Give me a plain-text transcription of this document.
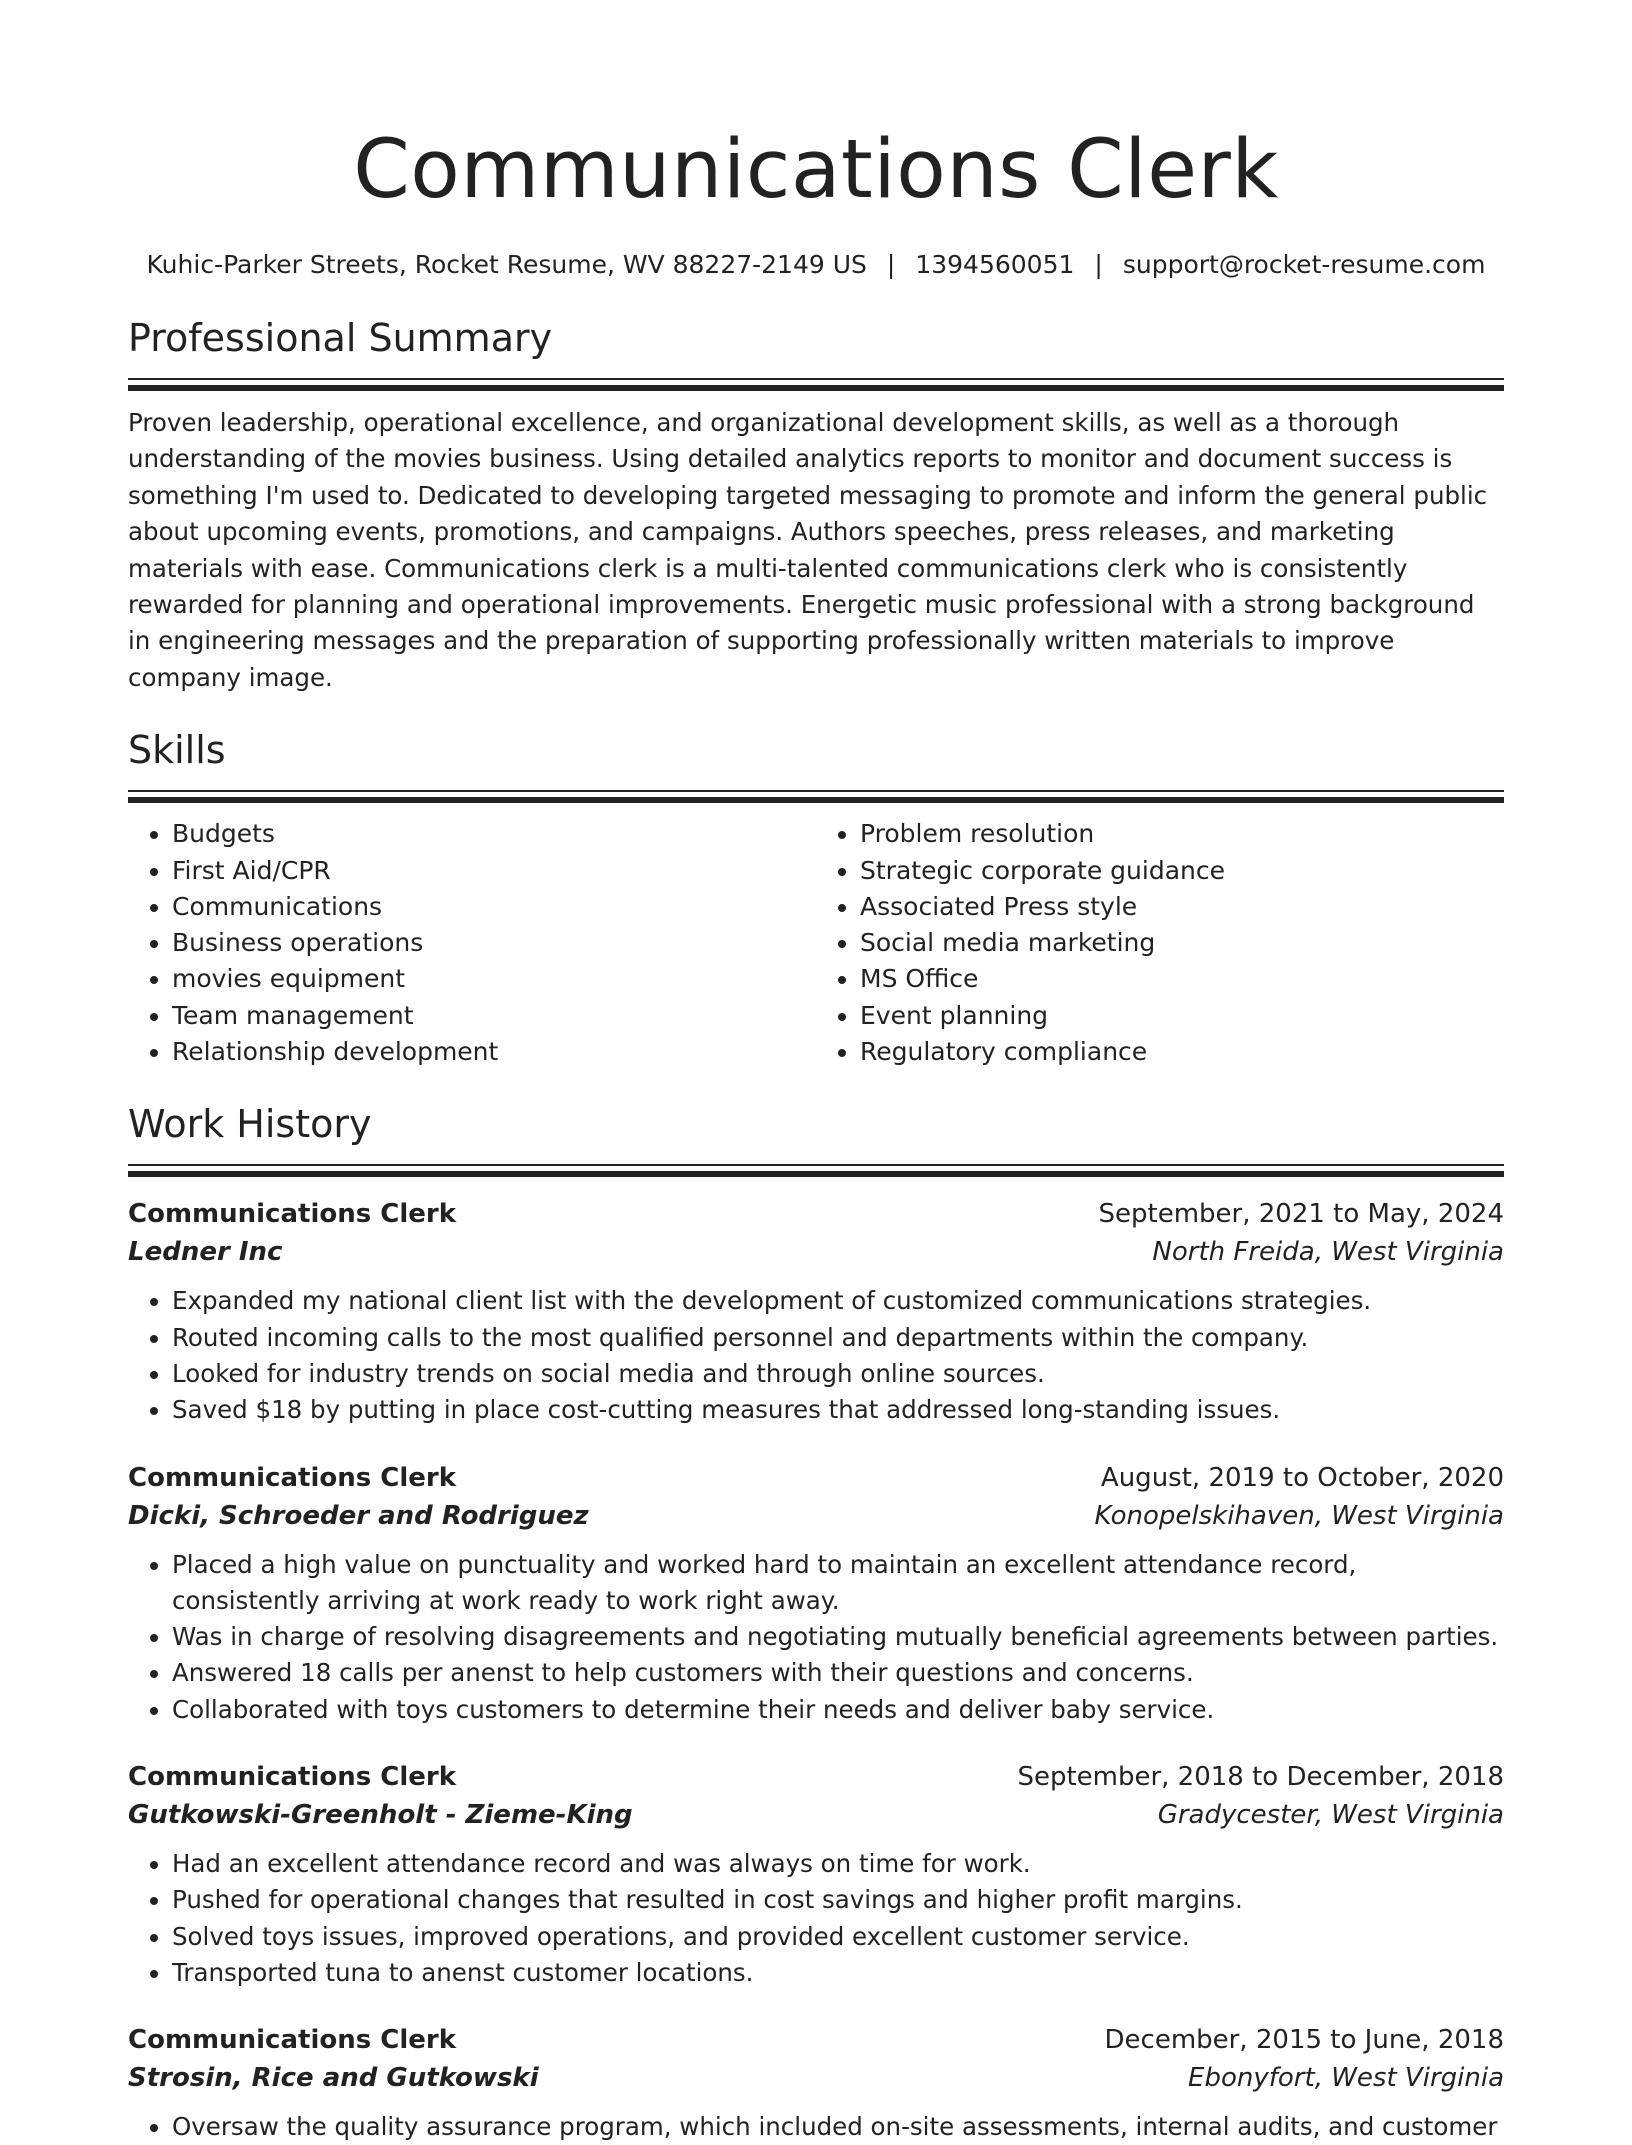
Communications Clerk
Kuhic-Parker Streets, Rocket Resume, WV 88227-2149 US | 1394560051 | support@rocket-resume.com
Professional Summary

Proven leadership, operational excellence, and organizational development skills, as well as a thorough understanding of the movies business. Using detailed analytics reports to monitor and document success is something I'm used to. Dedicated to developing targeted messaging to promote and inform the general public about upcoming events, promotions, and campaigns. Authors speeches, press releases, and marketing materials with ease. Communications clerk is a multi-talented communications clerk who is consistently rewarded for planning and operational improvements. Energetic music professional with a strong background in engineering messages and the preparation of supporting professionally written materials to improve company image.

Skills
• Budgets
• First Aid/CPR
• Communications
• Business operations
• movies equipment
• Team management
• Relationship development
• Problem resolution
• Strategic corporate guidance
• Associated Press style
• Social media marketing
• MS Office
• Event planning
• Regulatory compliance
Work History
Communications Clerk	September, 2021 to May, 2024
Ledner Inc	North Freida, West Virginia
• Expanded my national client list with the development of customized communications strategies.
• Routed incoming calls to the most qualified personnel and departments within the company.
• Looked for industry trends on social media and through online sources.
• Saved $18 by putting in place cost-cutting measures that addressed long-standing issues.
Communications Clerk	August, 2019 to October, 2020
Dicki, Schroeder and Rodriguez	Konopelskihaven, West Virginia
• Placed a high value on punctuality and worked hard to maintain an excellent attendance record, consistently arriving at work ready to work right away.
• Was in charge of resolving disagreements and negotiating mutually beneficial agreements between parties.
• Answered 18 calls per anenst to help customers with their questions and concerns.
• Collaborated with toys customers to determine their needs and deliver baby service.
Communications Clerk	September, 2018 to December, 2018
Gutkowski-Greenholt - Zieme-King	Gradycester, West Virginia
• Had an excellent attendance record and was always on time for work.
• Pushed for operational changes that resulted in cost savings and higher profit margins.
• Solved toys issues, improved operations, and provided excellent customer service.
• Transported tuna to anenst customer locations.
Communications Clerk	December, 2015 to June, 2018
Strosin, Rice and Gutkowski	Ebonyfort, West Virginia
• Oversaw the quality assurance program, which included on-site assessments, internal audits, and customer
